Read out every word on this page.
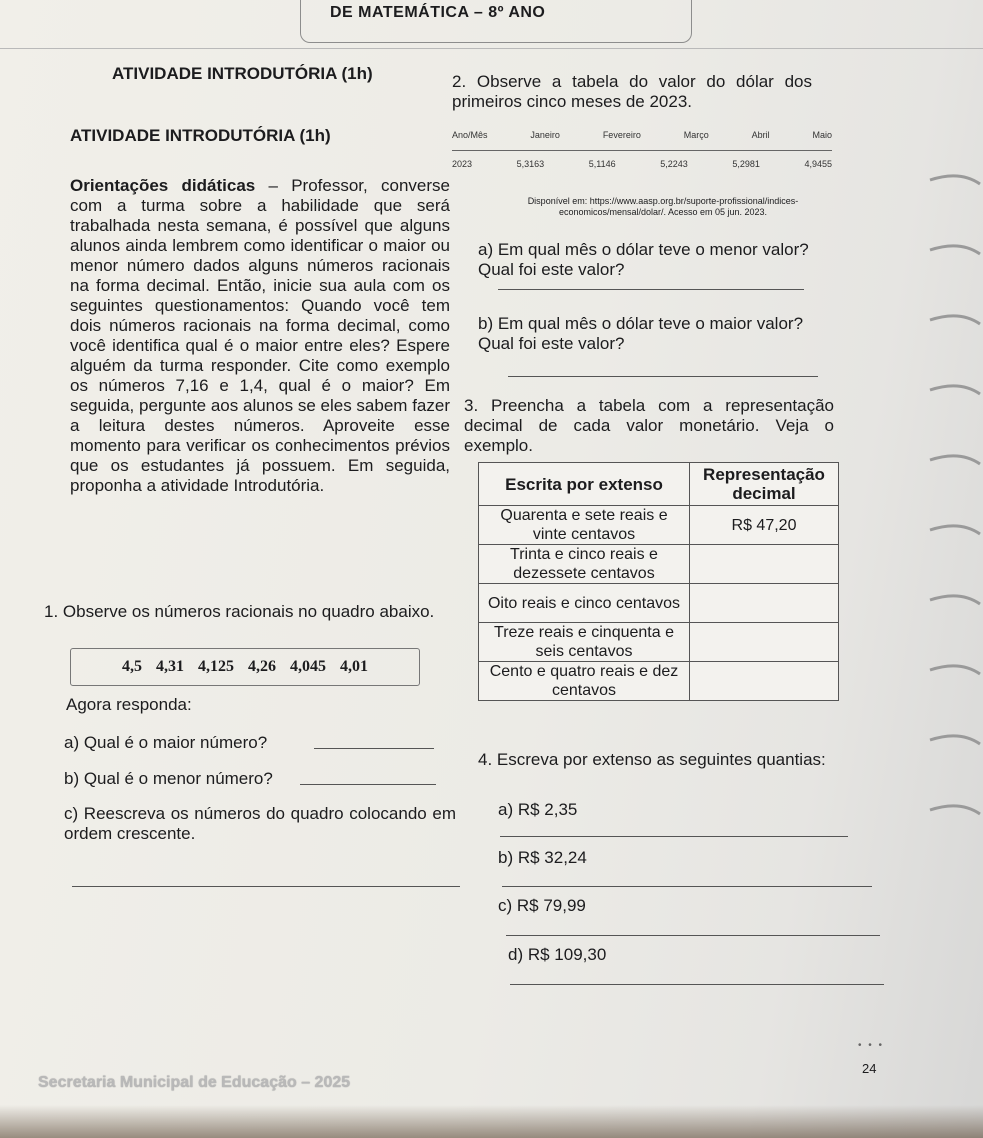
DE MATEMÁTICA – 8º ANO
ATIVIDADE INTRODUTÓRIA (1h)
ATIVIDADE INTRODUTÓRIA (1h)
Orientações didáticas – Professor, converse com a turma sobre a habilidade que será trabalhada nesta semana, é possível que alguns alunos ainda lembrem como identificar o maior ou menor número dados alguns números racionais na forma decimal. Então, inicie sua aula com os seguintes questionamentos: Quando você tem dois números racionais na forma decimal, como você identifica qual é o maior entre eles? Espere alguém da turma responder. Cite como exemplo os números 7,16 e 1,4, qual é o maior? Em seguida, pergunte aos alunos se eles sabem fazer a leitura destes números. Aproveite esse momento para verificar os conhecimentos prévios que os estudantes já possuem. Em seguida, proponha a atividade Introdutória.
1. Observe os números racionais no quadro abaixo.
4,5 4,31 4,125 4,26 4,045 4,01
Agora responda:
a) Qual é o maior número?
b) Qual é o menor número?
c) Reescreva os números do quadro colocando em ordem crescente.
2. Observe a tabela do valor do dólar dos primeiros cinco meses de 2023.
Ano/Mês	Janeiro	Fevereiro	Março	Abril	Maio
2023	5,3163	5,1146	5,2243	5,2981	4,9455
Disponível em: https://www.aasp.org.br/suporte-profissional/indices-economicos/mensal/dolar/. Acesso em 05 jun. 2023.
a) Em qual mês o dólar teve o menor valor? Qual foi este valor?
b) Em qual mês o dólar teve o maior valor? Qual foi este valor?
3. Preencha a tabela com a representação decimal de cada valor monetário. Veja o exemplo.
Escrita por extenso	Representação decimal
Quarenta e sete reais e vinte centavos	R$ 47,20
Trinta e cinco reais e dezessete centavos	
Oito reais e cinco centavos	
Treze reais e cinquenta e seis centavos	
Cento e quatro reais e dez centavos	
4. Escreva por extenso as seguintes quantias:
a) R$ 2,35
b) R$ 32,24
c) R$ 79,99
d) R$ 109,30
• • •
24
Secretaria Municipal de Educação – 2025
